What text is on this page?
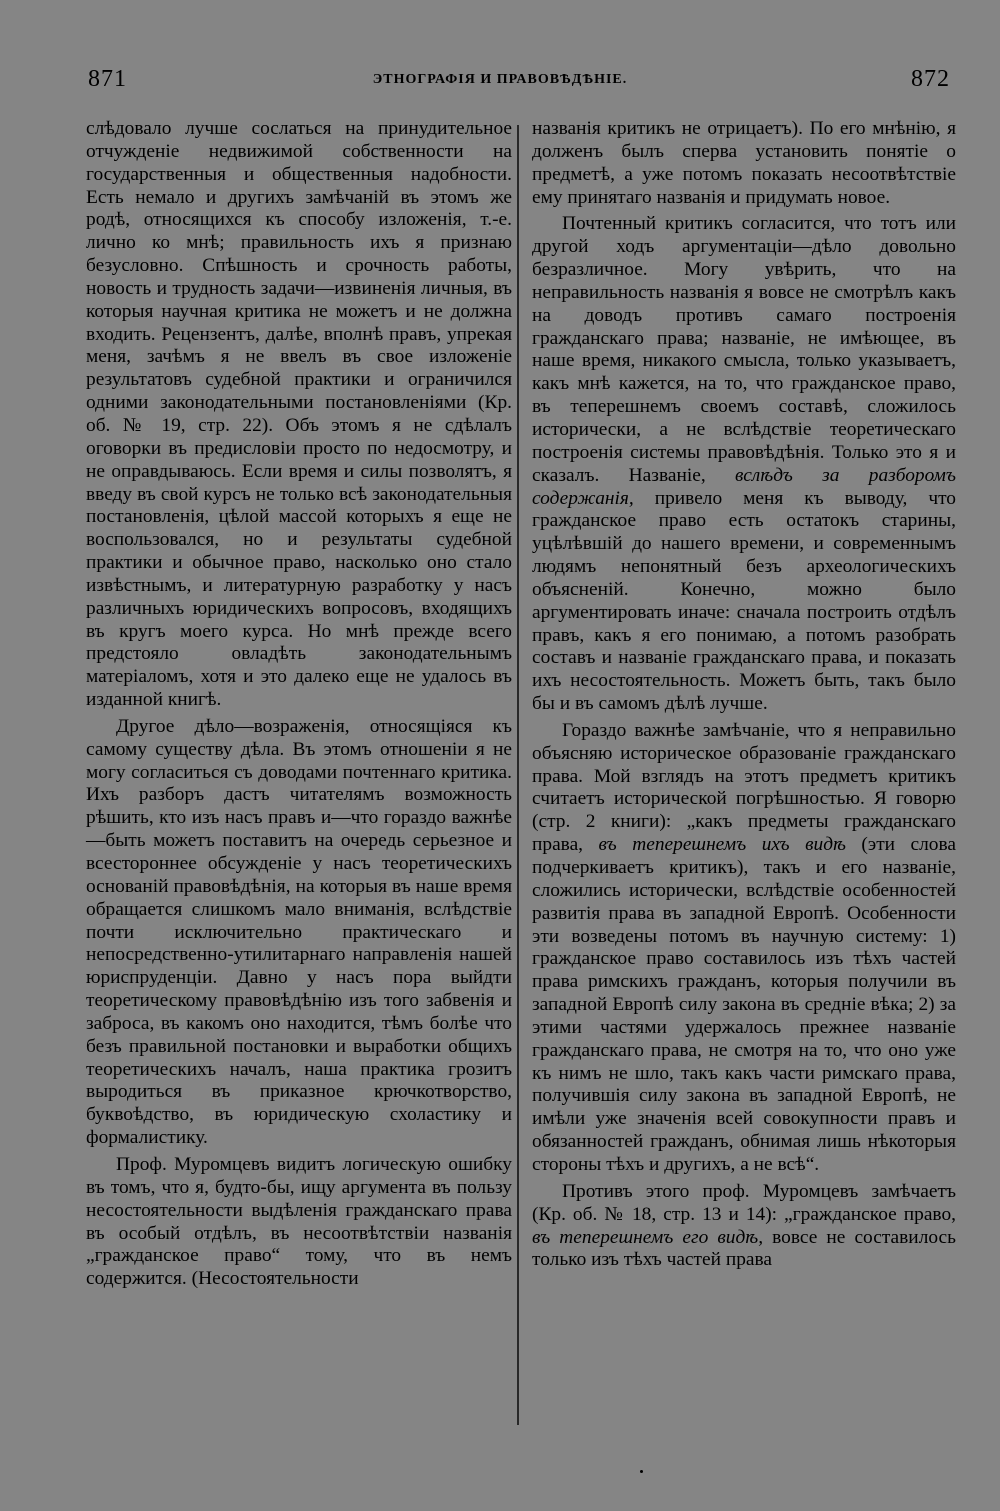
871	ЭТНОГРАФІЯ И ПРАВОВѢДѢНІЕ.	872

слѣдовало лучше сослаться на принудительное отчужденіе недвижимой собственности на государственныя и общественныя надобности. Есть немало и другихъ замѣчаній въ этомъ же родѣ, относящихся къ способу изложенія, т.-е. лично ко мнѣ; правильность ихъ я признаю безусловно. Спѣшность и срочность работы, новость и трудность задачи—извиненія личныя, въ которыя научная критика не можетъ и не должна входить. Рецензентъ, далѣе, вполнѣ правъ, упрекая меня, зачѣмъ я не ввелъ въ свое изложеніе результатовъ судебной практики и ограничился одними законодательными постановленіями (Кр. об. № 19, стр. 22). Объ этомъ я не сдѣлалъ оговорки въ предисловіи просто по недосмотру, и не оправдываюсь. Если время и силы позволятъ, я введу въ свой курсъ не только всѣ законодательныя постановленія, цѣлой массой которыхъ я еще не воспользовался, но и результаты судебной практики и обычное право, насколько оно стало извѣстнымъ, и литературную разработку у насъ различныхъ юридическихъ вопросовъ, входящихъ въ кругъ моего курса. Но мнѣ прежде всего предстояло овладѣть законодательнымъ матеріаломъ, хотя и это далеко еще не удалось въ изданной книгѣ.

Другое дѣло—возраженія, относящіяся къ самому существу дѣла. Въ этомъ отношеніи я не могу согласиться съ доводами почтеннаго критика. Ихъ разборъ дастъ читателямъ возможность рѣшить, кто изъ насъ правъ и—что гораздо важнѣе—быть можетъ поставитъ на очередь серьезное и всестороннее обсужденіе у насъ теоретическихъ основаній правовѣдѣнія, на которыя въ наше время обращается слишкомъ мало вниманія, вслѣдствіе почти исключительно практическаго и непосредственно-утилитарнаго направленія нашей юриспруденціи. Давно у насъ пора выйдти теоретическому правовѣдѣнію изъ того забвенія и заброса, въ какомъ оно находится, тѣмъ болѣе что безъ правильной постановки и выработки общихъ теоретическихъ началъ, наша практика грозитъ выродиться въ приказное крючкотворство, буквоѣдство, въ юридическую схоластику и формалистику.

Проф. Муромцевъ видитъ логическую ошибку въ томъ, что я, будто-бы, ищу аргумента въ пользу несостоятельности выдѣленія гражданскаго права въ особый отдѣлъ, въ несоотвѣтствіи названія „гражданское право“ тому, что въ немъ содержится. (Несостоятельности

названія критикъ не отрицаетъ). По его мнѣнію, я долженъ былъ сперва установить понятіе о предметѣ, а уже потомъ показать несоотвѣтствіе ему принятаго названія и придумать новое.

Почтенный критикъ согласится, что тотъ или другой ходъ аргументаціи—дѣло довольно безразличное. Могу увѣрить, что на неправильность названія я вовсе не смотрѣлъ какъ на доводъ противъ самаго построенія гражданскаго права; названіе, не имѣющее, въ наше время, никакого смысла, только указываетъ, какъ мнѣ кажется, на то, что гражданское право, въ теперешнемъ своемъ составѣ, сложилось исторически, а не вслѣдствіе теоретическаго построенія системы правовѣдѣнія. Только это я и сказалъ. Названіе, вслѣдъ за разборомъ содержанія, привело меня къ выводу, что гражданское право есть остатокъ старины, уцѣлѣвшій до нашего времени, и современнымъ людямъ непонятный безъ археологическихъ объясненій. Конечно, можно было аргументировать иначе: сначала построить отдѣлъ правъ, какъ я его понимаю, а потомъ разобрать составъ и названіе гражданскаго права, и показать ихъ несостоятельность. Можетъ быть, такъ было бы и въ самомъ дѣлѣ лучше.

Гораздо важнѣе замѣчаніе, что я неправильно объясняю историческое образованіе гражданскаго права. Мой взглядъ на этотъ предметъ критикъ считаетъ исторической погрѣшностью. Я говорю (стр. 2 книги): „какъ предметы гражданскаго права, въ теперешнемъ ихъ видѣ (эти слова подчеркиваетъ критикъ), такъ и его названіе, сложились исторически, вслѣдствіе особенностей развитія права въ западной Европѣ. Особенности эти возведены потомъ въ научную систему: 1) гражданское право составилось изъ тѣхъ частей права римскихъ гражданъ, которыя получили въ западной Европѣ силу закона въ средніе вѣка; 2) за этими частями удержалось прежнее названіе гражданскаго права, не смотря на то, что оно уже къ нимъ не шло, такъ какъ части римскаго права, получившія силу закона въ западной Европѣ, не имѣли уже значенія всей совокупности правъ и обязанностей гражданъ, обнимая лишь нѣкоторыя стороны тѣхъ и другихъ, а не всѣ“.

Противъ этого проф. Муромцевъ замѣчаетъ (Кр. об. № 18, стр. 13 и 14): „гражданское право, въ теперешнемъ его видѣ, вовсе не составилось только изъ тѣхъ частей права
